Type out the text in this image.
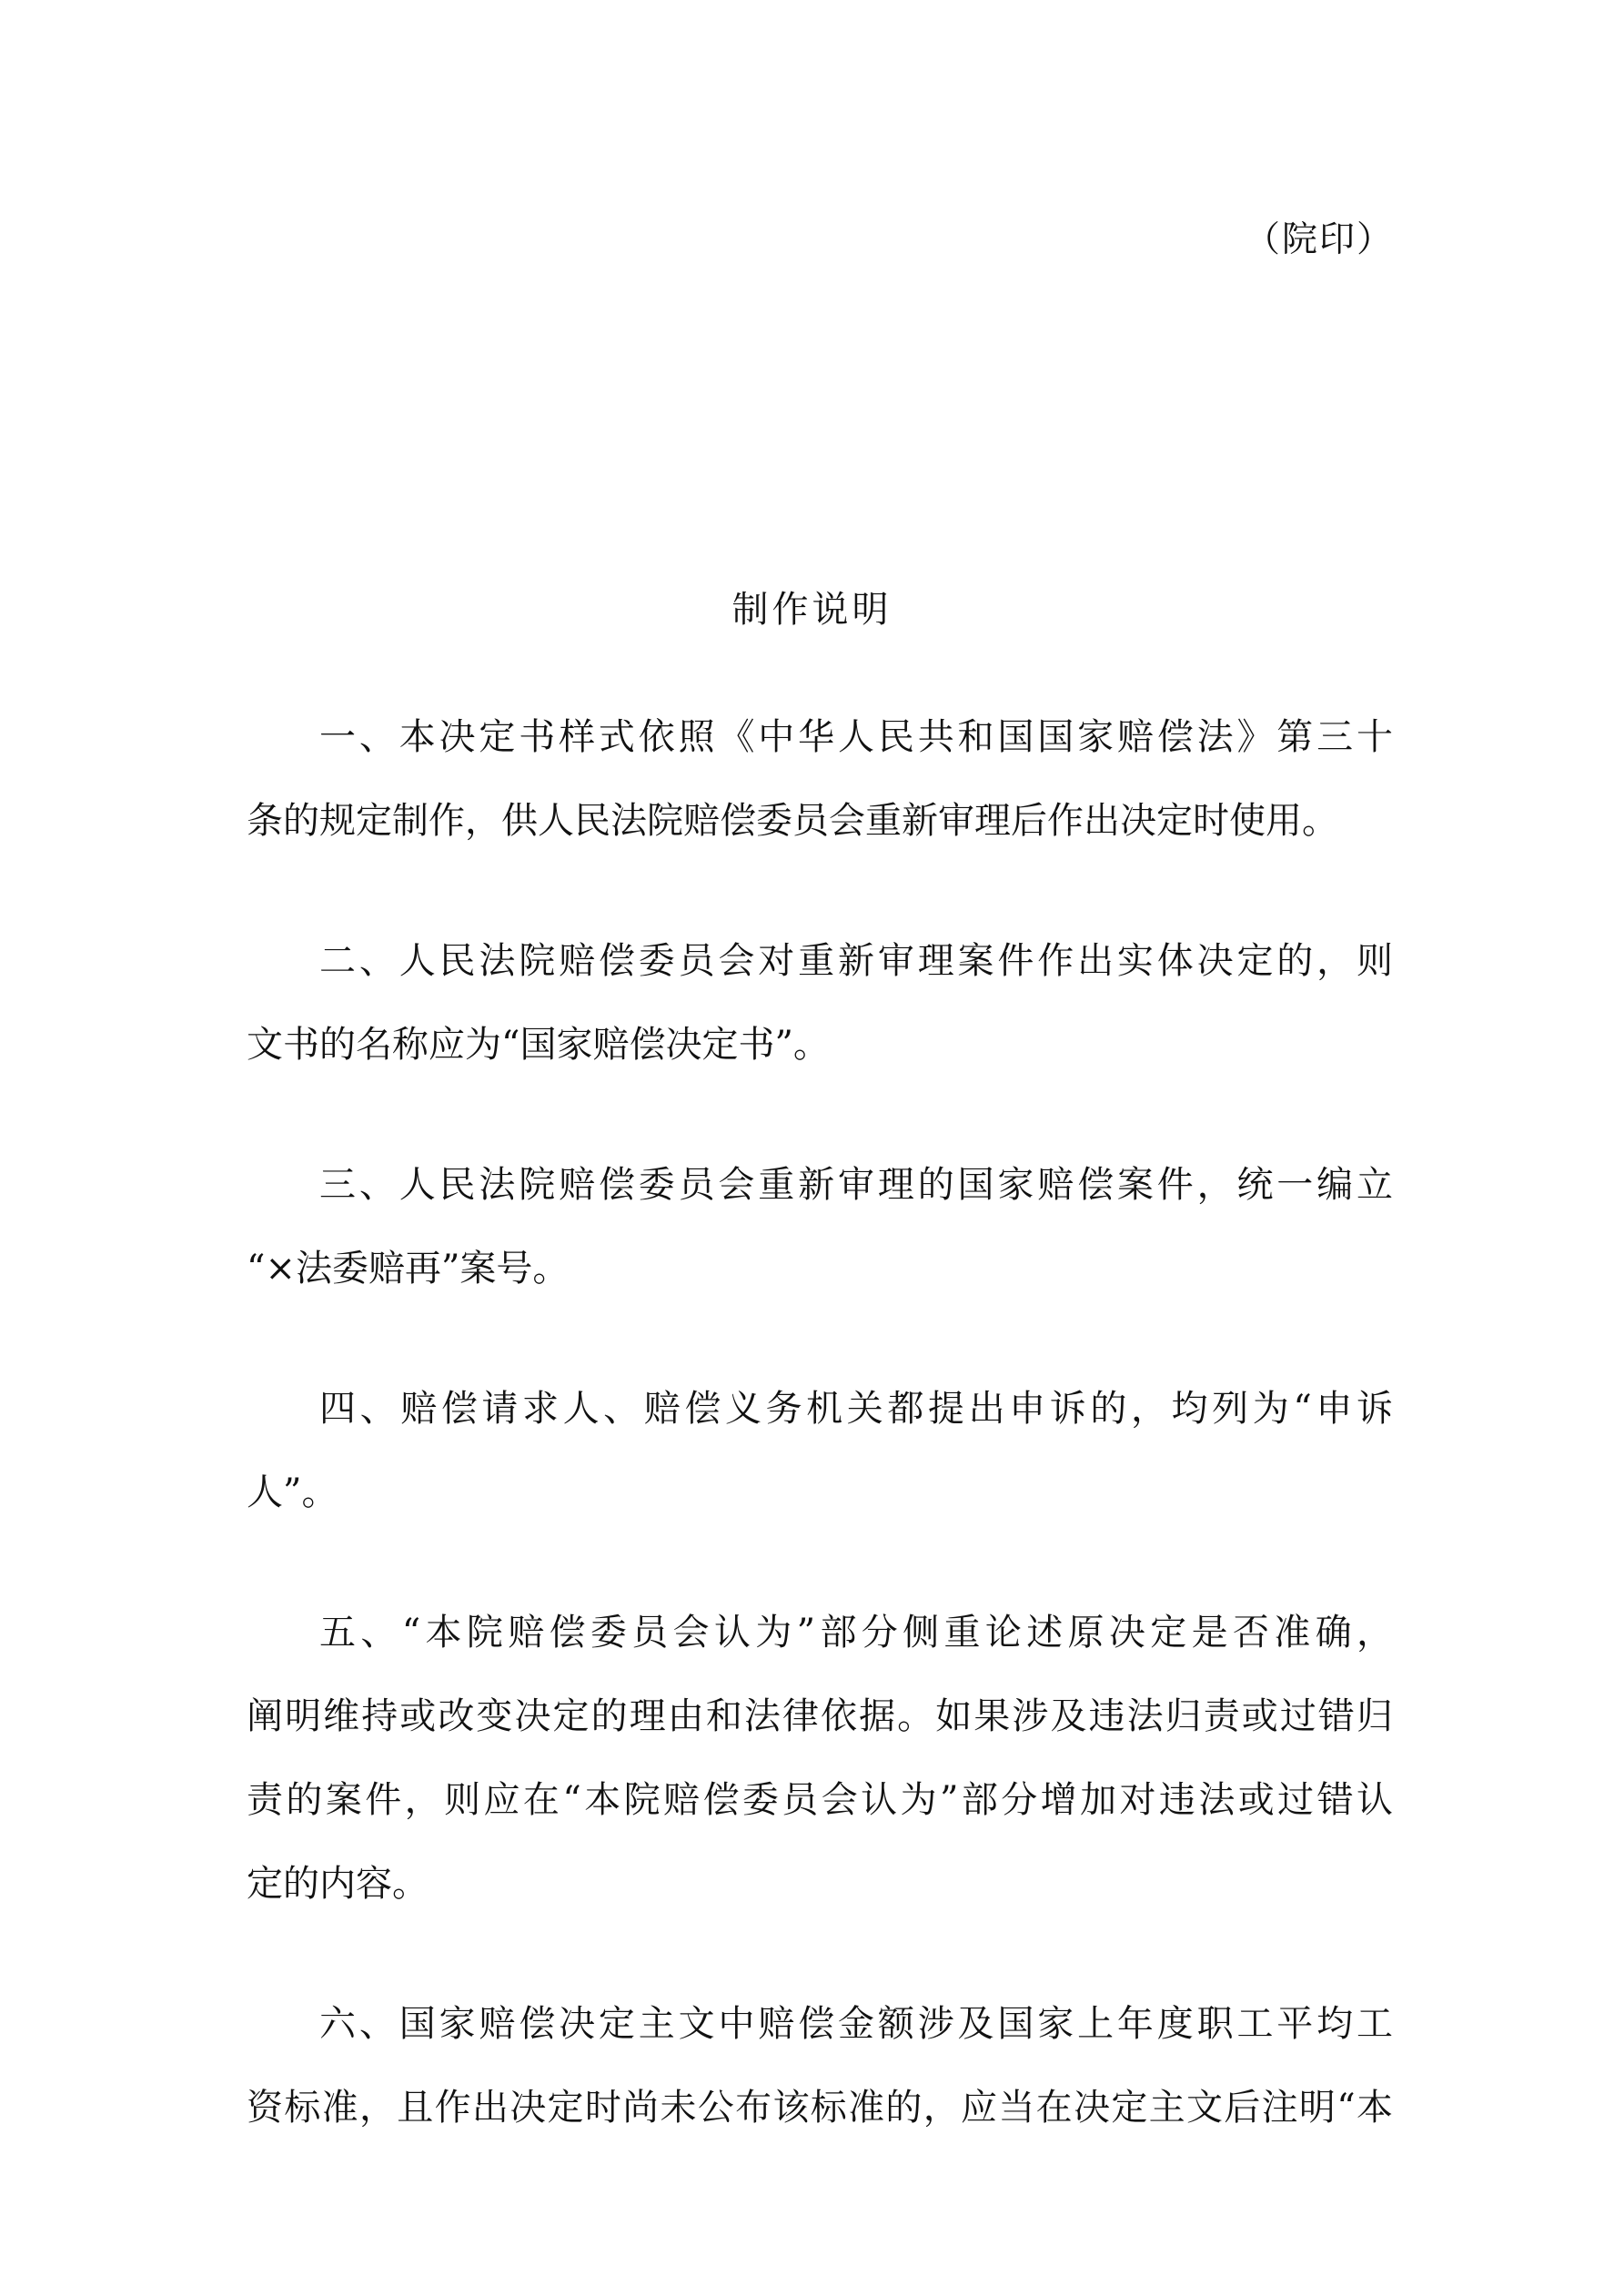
（院印）
制作说明
一、本决定书样式依照《中华人民共和国国家赔偿法》第三十
条的规定制作，供人民法院赔偿委员会重新审理后作出决定时使用。
二、人民法院赔偿委员会对重新审理案件作出实体决定的，则
文书的名称应为“国家赔偿决定书”。
三、人民法院赔偿委员会重新审理的国家赔偿案件，统一编立
“×法委赔再”案号。
四、赔偿请求人、赔偿义务机关都提出申诉的，均列为“申诉
人”。
五、“本院赔偿委员会认为”部分侧重论述原决定是否准确，
阐明维持或改变决定的理由和法律依据。如果涉及违法归责或过错归
责的案件，则应在“本院赔偿委员会认为”部分增加对违法或过错认
定的内容。
六、国家赔偿决定主文中赔偿金额涉及国家上年度职工平均工
资标准，且作出决定时尚未公布该标准的，应当在决定主文后注明“本
